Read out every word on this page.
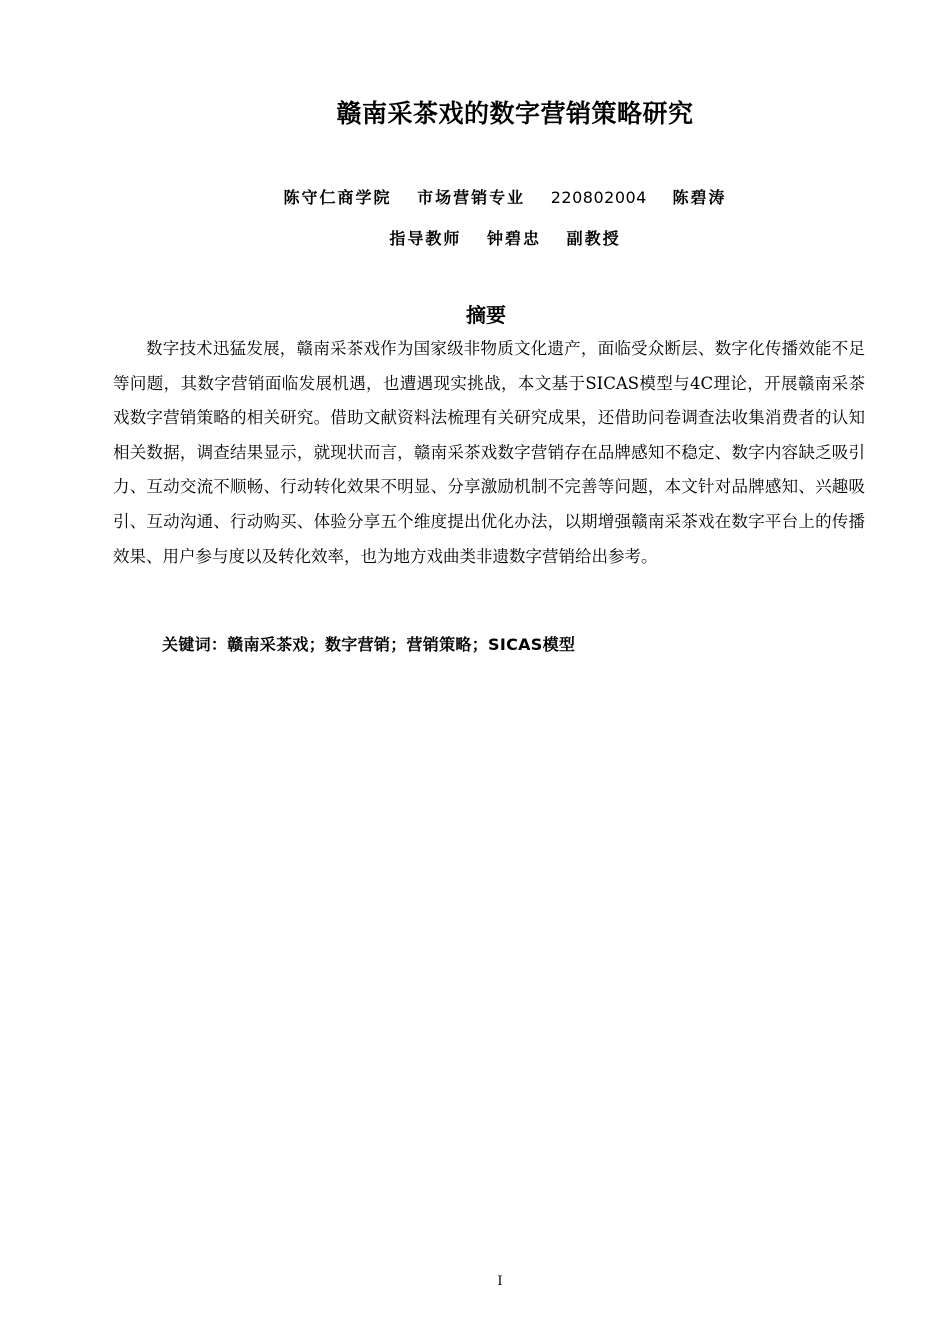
赣南采茶戏的数字营销策略研究
陈守仁商学院 市场营销专业 220802004 陈碧涛
指导教师 钟碧忠 副教授
摘要
数字技术迅猛发展，赣南采茶戏作为国家级非物质文化遗产，面临受众断层、数字化传播效能不足等问题，其数字营销面临发展机遇，也遭遇现实挑战，本文基于SICAS模型与4C理论，开展赣南采茶戏数字营销策略的相关研究。借助文献资料法梳理有关研究成果，还借助问卷调查法收集消费者的认知相关数据，调查结果显示，就现状而言，赣南采茶戏数字营销存在品牌感知不稳定、数字内容缺乏吸引力、互动交流不顺畅、行动转化效果不明显、分享激励机制不完善等问题，本文针对品牌感知、兴趣吸引、互动沟通、行动购买、体验分享五个维度提出优化办法，以期增强赣南采茶戏在数字平台上的传播效果、用户参与度以及转化效率，也为地方戏曲类非遗数字营销给出参考。
关键词：赣南采茶戏；数字营销；营销策略；SICAS模型
I
